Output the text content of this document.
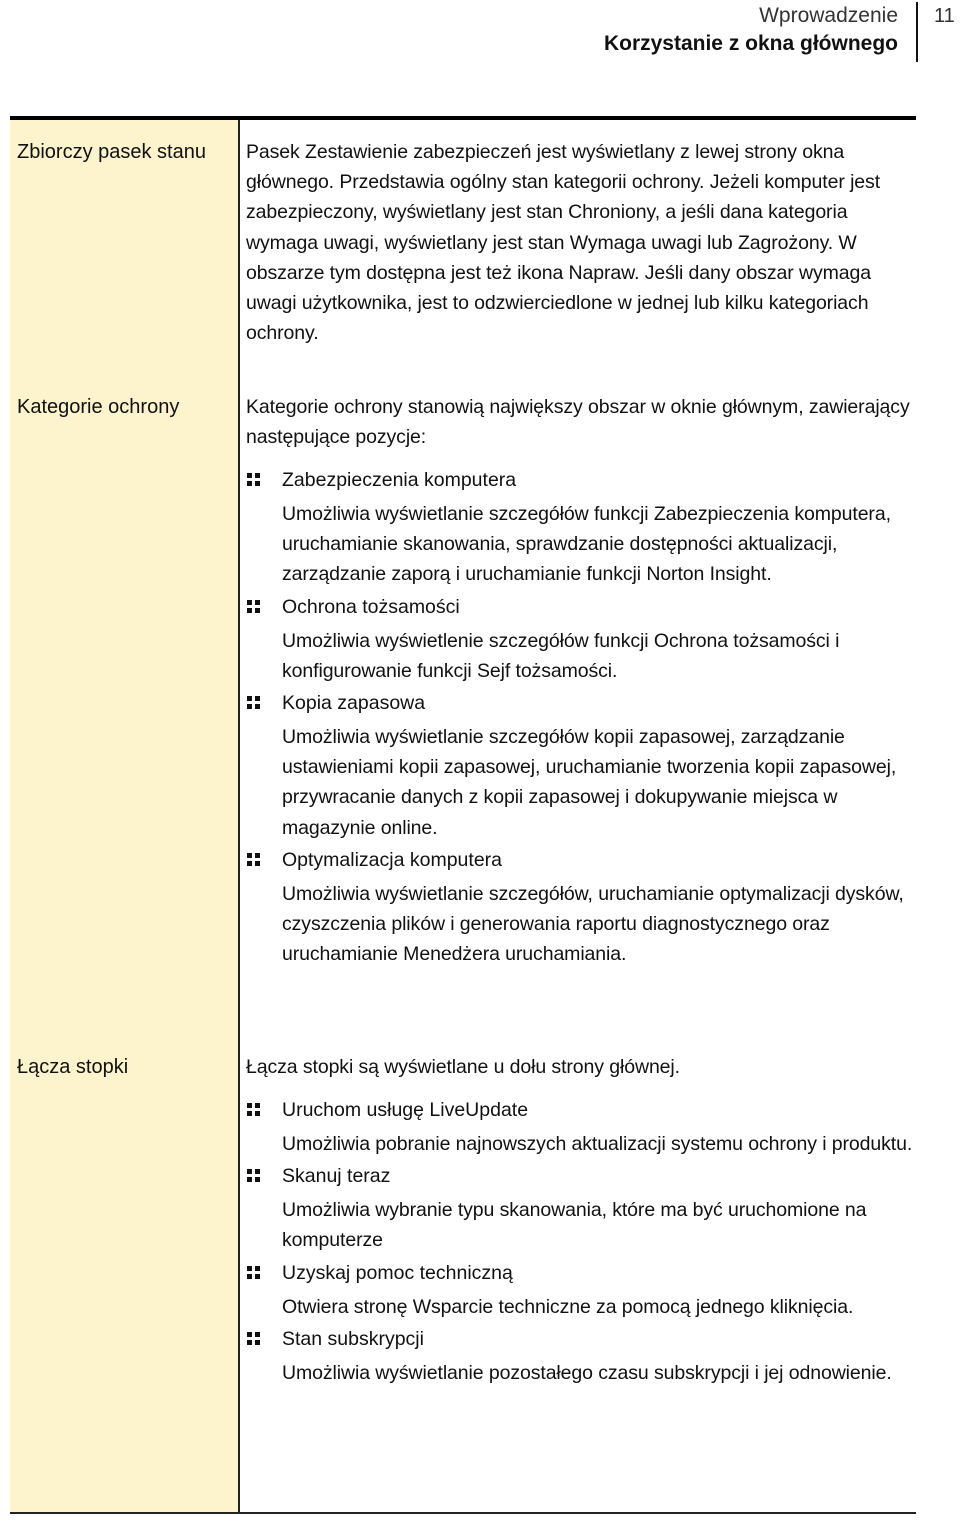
Wprowadzenie
Korzystanie z okna głównego
11
Zbiorczy pasek stanu Pasek Zestawienie zabezpieczeń jest wyświetlany z lewej strony okna głównego. Przedstawia ogólny stan kategorii ochrony. Jeżeli komputer jest zabezpieczony, wyświetlany jest stan Chroniony, a jeśli dana kategoria wymaga uwagi, wyświetlany jest stan Wymaga uwagi lub Zagrożony. W obszarze tym dostępna jest też ikona Napraw. Jeśli dany obszar wymaga uwagi użytkownika, jest to odzwierciedlone w jednej lub kilku kategoriach ochrony.
Kategorie ochrony	Kategorie ochrony stanowią największy obszar w oknie głównym, zawierający następujące pozycje:
Zabezpieczenia komputera
Umożliwia wyświetlanie szczegółów funkcji Zabezpieczenia komputera, uruchamianie skanowania, sprawdzanie dostępności aktualizacji, zarządzanie zaporą i uruchamianie funkcji Norton Insight.
Ochrona tożsamości
Umożliwia wyświetlenie szczegółów funkcji Ochrona tożsamości i konfigurowanie funkcji Sejf tożsamości.
Kopia zapasowa
Umożliwia wyświetlanie szczegółów kopii zapasowej, zarządzanie ustawieniami kopii zapasowej, uruchamianie tworzenia kopii zapasowej, przywracanie danych z kopii zapasowej i dokupywanie miejsca w magazynie online.
Optymalizacja komputera
Umożliwia wyświetlanie szczegółów, uruchamianie optymalizacji dysków, czyszczenia plików i generowania raportu diagnostycznego oraz uruchamianie Menedżera uruchamiania.
Łącza stopki	Łącza stopki są wyświetlane u dołu strony głównej.
Uruchom usługę LiveUpdate
Umożliwia pobranie najnowszych aktualizacji systemu ochrony i produktu.
Skanuj teraz
Umożliwia wybranie typu skanowania, które ma być uruchomione na komputerze
Uzyskaj pomoc techniczną
Otwiera stronę Wsparcie techniczne za pomocą jednego kliknięcia.
Stan subskrypcji
Umożliwia wyświetlanie pozostałego czasu subskrypcji i jej odnowienie.
